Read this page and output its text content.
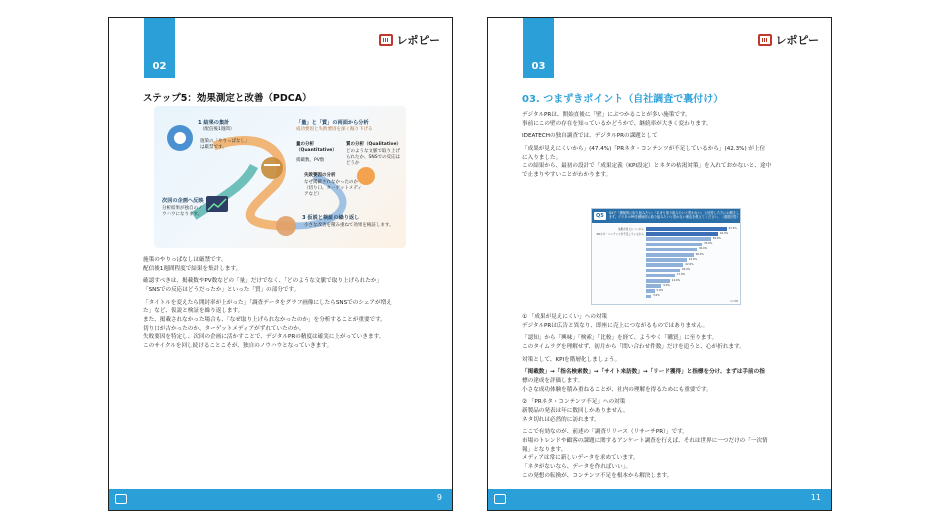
02
レポピー
ステップ5：効果測定と改善（PDCA）
1 結果の集計
（配信後1週間）
施策の「やりっぱなし」は厳禁です。
「量」と「質」の両面から分析
成功要因と失敗要因を深く掘り下げる
量の分析（Quantitative）
掲載数、PV数
質の分析（Qualitative）
どのような文脈で取り上げられたか、SNSでの反応はどうか
失敗要因の分析
なぜ掲載されなかったのか（切り口、ターゲットメディアなど）
3 仮説と検証の繰り返し
小さな改善を積み重ねて効果を検証します。
次回の企画へ反映
分析結果が独自のノウハウになります。
施策のやりっぱなしは厳禁です。
配信後1週間程度で結果を集計します。
確認すべきは、掲載数やPV数などの「量」だけでなく、「どのような文脈で取り上げられたか」
「SNSでの反応はどうだったか」といった「質」の部分です。
「タイトルを変えたら開封率が上がった」「調査データをグラフ画像にしたらSNSでのシェアが増え
た」など、仮説と検証を繰り返します。
また、掲載されなかった場合も、「なぜ取り上げられなかったのか」を分析することが重要です。
切り口が古かったのか、ターゲットメディアがずれていたのか。
失敗要因を特定し、次回の企画に活かすことで、デジタルPRの精度は確実に上がっていきます。
このサイクルを回し続けることこそが、独自のノウハウとなっていきます。
9
03
レポピー
03. つまずきポイント（自社調査で裏付け）
デジタルPRは、開始直後に「壁」にぶつかることが多い施策です。
事前にこの壁の存在を知っているかどうかで、継続率が大きく変わります。
IDEATECHの独自調査では、デジタルPRの課題として
「成果が見えにくいから」(47.4%)「PRネタ・コンテンツが不足しているから」(42.3%) が上位
に入りました。
この結果から、最初の設計で「成果定義（KPI設定）とネタの枯渇対策」を入れておかないと、途中
で止まりやすいことがわかります。
Q5	Q4で「積極的に取り組みたい」「あまり取り組みたいと思わない」と回答した方にお聞きします。デジタルPRを積極的に取り組みたいと思わない理由を教えてください。（複数回答）
成果が見えにくいから	47.4%
PRネタ・コンテンツが不足しているから	42.3%
38.0%
33.0%
30.0%
28.0%
24.0%
22.0%
20.0%
17.0%
14.0%
9.0%
5.0%
3.0%
n=188
① 「成果が見えにくい」への対策
デジタルPRは広告と異なり、即座に売上につながるものではありません。
「認知」から「興味」「検索」「比較」を経て、ようやく「購買」に至ります。
このタイムラグを理解せず、初月から「問い合わせ件数」だけを追うと、心が折れます。
対策として、KPIを階層化しましょう。
「掲載数」→「指名検索数」→「サイト来訪数」→「リード獲得」と指標を分け、まずは手前の指
標の達成を評価します。
小さな成功体験を積み重ねることが、社内の理解を得るためにも重要です。
② 「PRネタ・コンテンツ不足」への対策
新製品の発表は年に数回しかありません。
ネタ切れは必然的に訪れます。
ここで有効なのが、前述の「調査リリース（リサーチPR）」です。
市場のトレンドや顧客の課題に関するアンケート調査を行えば、それは世界に一つだけの「一次情
報」となります。
メディアは常に新しいデータを求めています。
「ネタがないなら、データを作ればいい」。
この発想の転換が、コンテンツ不足を根本から解決します。
11
